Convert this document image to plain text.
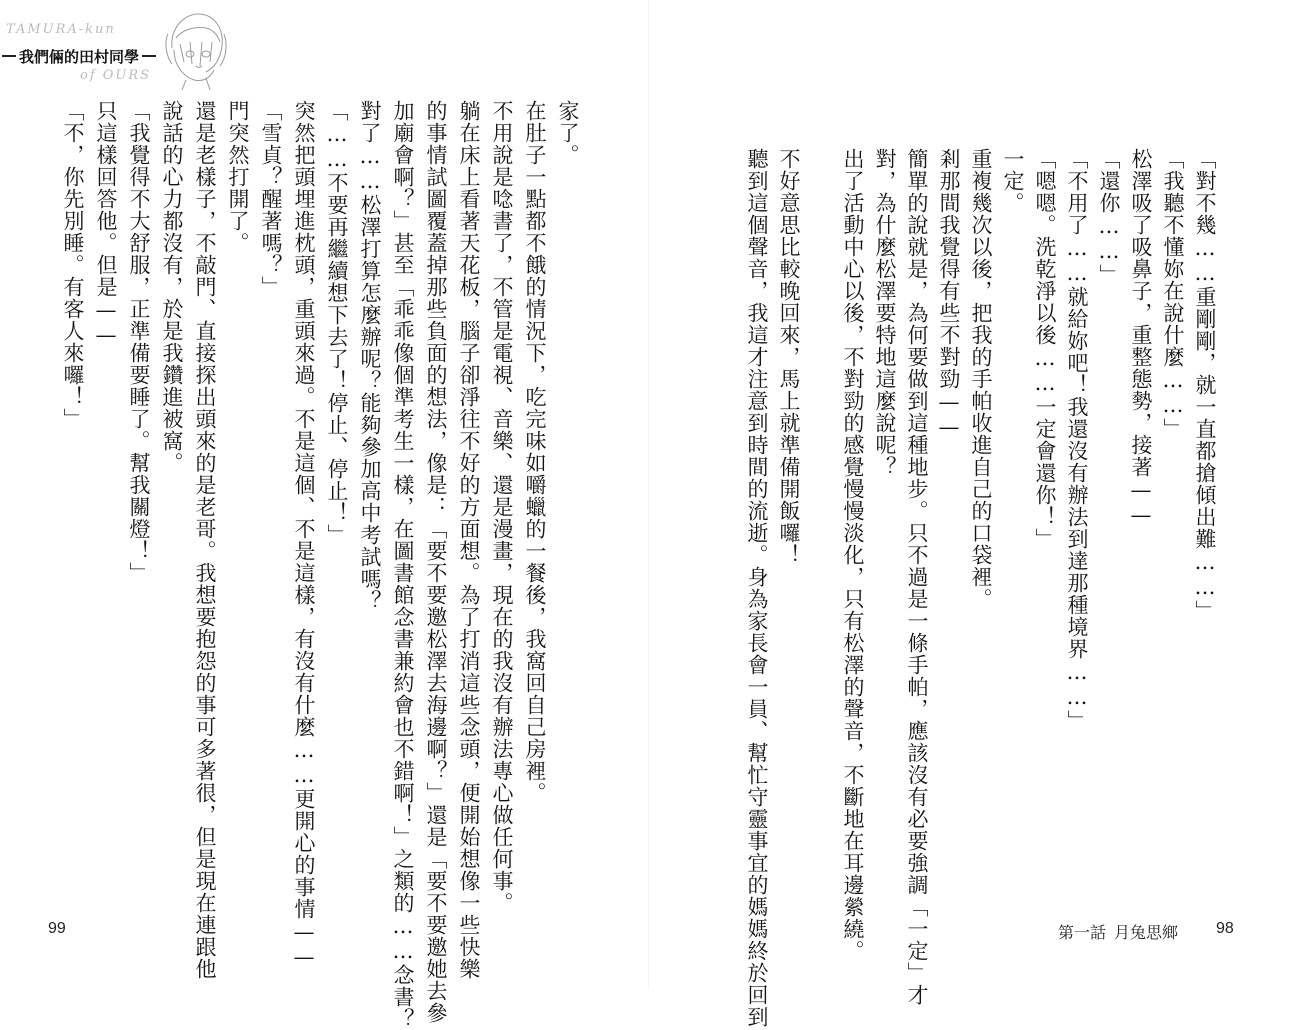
TAMURA-kun
我們倆的田村同學
of OURS

家了。

在肚子一點都不餓的情況下，吃完味如嚼蠟的一餐後，我窩回自己房裡。

不用說是唸書了，不管是電視、音樂、還是漫畫，現在的我沒有辦法專心做任何事。

躺在床上看著天花板，腦子卻淨往不好的方面想。為了打消這些念頭，便開始想像一些快樂

的事情試圖覆蓋掉那些負面的想法，像是：「要不要邀松澤去海邊啊？」還是「要不要邀她去參

加廟會啊？」甚至「乖乖像個準考生一樣，在圖書館念書兼約會也不錯啊！」之類的……念書？

對了……松澤打算怎麼辦呢？能夠參加高中考試嗎？

「……不要再繼續想下去了！停止、停止！」

突然把頭埋進枕頭，重頭來過。不是這個、不是這樣，有沒有什麼……更開心的事情——

「雪貞？醒著嗎？」

門突然打開了。

還是老樣子，不敲門、直接探出頭來的是老哥。我想要抱怨的事可多著很，但是現在連跟他

說話的心力都沒有，於是我鑽進被窩。

「我覺得不大舒服，正準備要睡了。幫我關燈！」

只這樣回答他。但是——

「不，你先別睡。有客人來囉！」	「對不幾……重剛剛，就一直都搶傾出難……」

「我聽不懂妳在說什麼……」

松澤吸了吸鼻子，重整態勢，接著——

「還你……」

「不用了……就給妳吧！我還沒有辦法到達那種境界……」

「嗯嗯。洗乾淨以後……一定會還你！」

一定。

重複幾次以後，把我的手帕收進自己的口袋裡。

剎那間我覺得有些不對勁——

簡單的說就是，為何要做到這種地步。只不過是一條手帕，應該沒有必要強調「一定」才

對，為什麼松澤要特地這麼說呢？

出了活動中心以後，不對勁的感覺慢慢淡化，只有松澤的聲音，不斷地在耳邊縈繞。

不好意思比較晚回來，馬上就準備開飯囉！

聽到這個聲音，我這才注意到時間的流逝。身為家長會一員、幫忙守靈事宜的媽媽終於回到

99	第一話 月兔思鄉 98
